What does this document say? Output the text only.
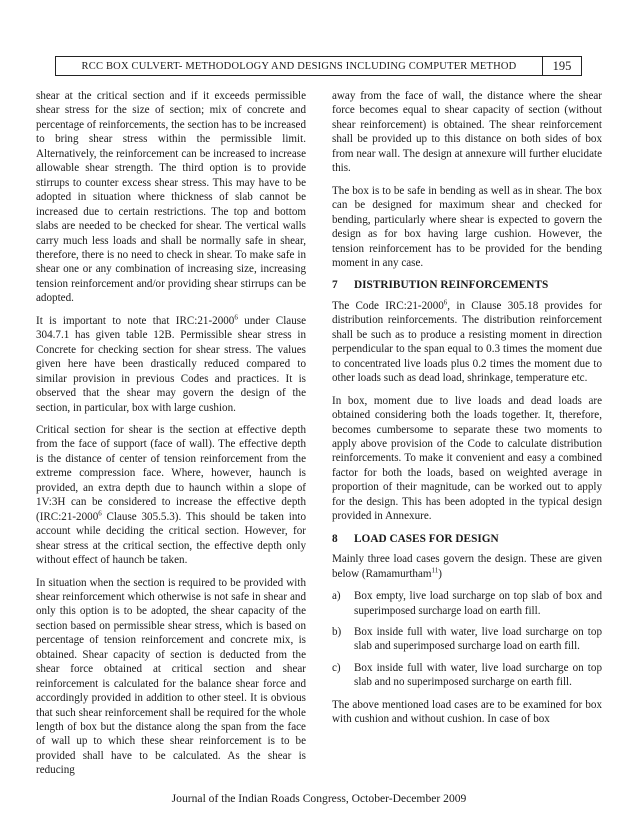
RCC BOX CULVERT- METHODOLOGY AND DESIGNS INCLUDING COMPUTER METHOD	195

shear at the critical section and if it exceeds permissible shear stress for the size of section; mix of concrete and percentage of reinforcements, the section has to be increased to bring shear stress within the permissible limit. Alternatively, the reinforcement can be increased to increase allowable shear strength. The third option is to provide stirrups to counter excess shear stress. This may have to be adopted in situation where thickness of slab cannot be increased due to certain restrictions. The top and bottom slabs are needed to be checked for shear. The vertical walls carry much less loads and shall be normally safe in shear, therefore, there is no need to check in shear. To make safe in shear one or any combination of increasing size, increasing tension reinforcement and/or providing shear stirrups can be adopted.

It is important to note that IRC:21-2000$^6$ under Clause 304.7.1 has given table 12B. Permissible shear stress in Concrete for checking section for shear stress. The values given here have been drastically reduced compared to similar provision in previous Codes and practices. It is observed that the shear may govern the design of the section, in particular, box with large cushion.

Critical section for shear is the section at effective depth from the face of support (face of wall). The effective depth is the distance of center of tension reinforcement from the extreme compression face. Where, however, haunch is provided, an extra depth due to haunch within a slope of 1V:3H can be considered to increase the effective depth (IRC:21-2000$^6$ Clause 305.5.3). This should be taken into account while deciding the critical section. However, for shear stress at the critical section, the effective depth only without effect of haunch be taken.

In situation when the section is required to be provided with shear reinforcement which otherwise is not safe in shear and only this option is to be adopted, the shear capacity of the section based on permissible shear stress, which is based on percentage of tension reinforcement and concrete mix, is obtained. Shear capacity of section is deducted from the shear force obtained at critical section and shear reinforcement is calculated for the balance shear force and accordingly provided in addition to other steel. It is obvious that such shear reinforcement shall be required for the whole length of box but the distance along the span from the face of wall up to which these shear reinforcement is to be provided shall have to be calculated. As the shear is reducing

away from the face of wall, the distance where the shear force becomes equal to shear capacity of section (without shear reinforcement) is obtained. The shear reinforcement shall be provided up to this distance on both sides of box from near wall. The design at annexure will further elucidate this.

The box is to be safe in bending as well as in shear. The box can be designed for maximum shear and checked for bending, particularly where shear is expected to govern the design as for box having large cushion. However, the tension reinforcement has to be provided for the bending moment in any case.

7	DISTRIBUTION REINFORCEMENTS

The Code IRC:21-2000$^6$, in Clause 305.18 provides for distribution reinforcements. The distribution reinforcement shall be such as to produce a resisting moment in direction perpendicular to the span equal to 0.3 times the moment due to concentrated live loads plus 0.2 times the moment due to other loads such as dead load, shrinkage, temperature etc.

In box, moment due to live loads and dead loads are obtained considering both the loads together. It, therefore, becomes cumbersome to separate these two moments to apply above provision of the Code to calculate distribution reinforcements. To make it convenient and easy a combined factor for both the loads, based on weighted average in proportion of their magnitude, can be worked out to apply for the design. This has been adopted in the typical design provided in Annexure.

8	LOAD CASES FOR DESIGN

Mainly three load cases govern the design. These are given below (Ramamurtham$^{11}$)

a)	Box empty, live load surcharge on top slab of box and superimposed surcharge load on earth fill.
b)	Box inside full with water, live load surcharge on top slab and superimposed surcharge load on earth fill.
c)	Box inside full with water, live load surcharge on top slab and no superimposed surcharge on earth fill.

The above mentioned load cases are to be examined for box with cushion and without cushion. In case of box

Journal of the Indian Roads Congress, October-December 2009
